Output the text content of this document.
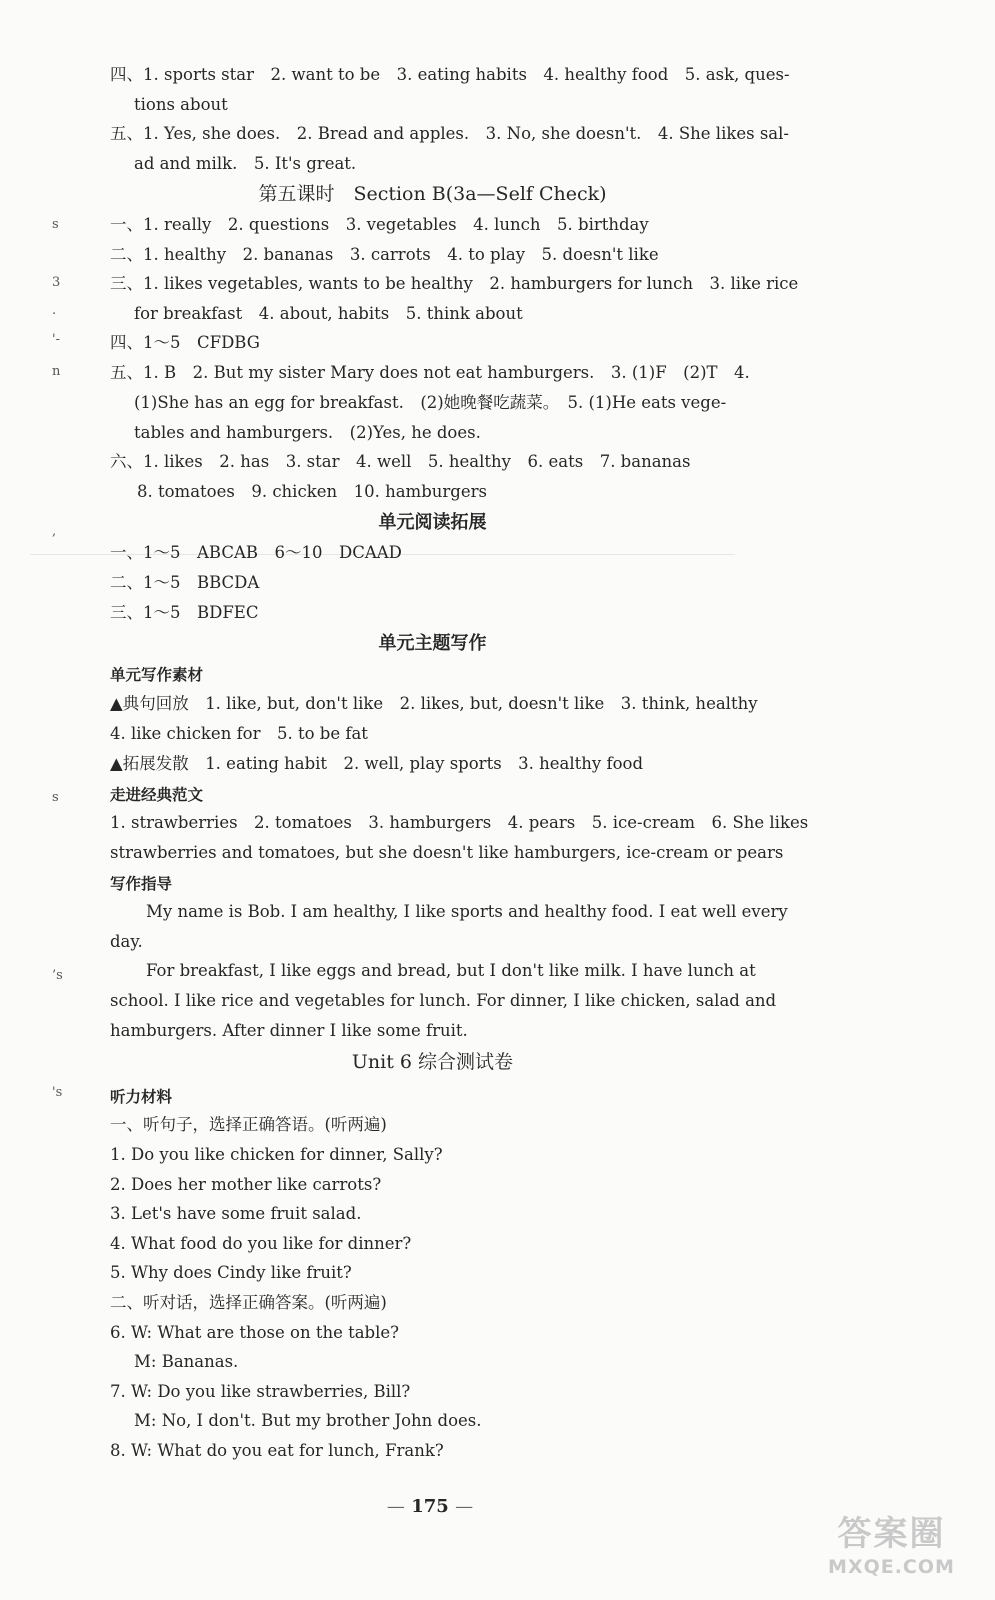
s
3
.
'-
n
,
s
’s
's
四、1. sports star　2. want to be　3. eating habits　4. healthy food　5. ask, ques-
tions about
五、1. Yes, she does.　2. Bread and apples.　3. No, she doesn't.　4. She likes sal-
ad and milk.　5. It's great.
第五课时　Section B(3a—Self Check)
一、1. really　2. questions　3. vegetables　4. lunch　5. birthday
二、1. healthy　2. bananas　3. carrots　4. to play　5. doesn't like
三、1. likes vegetables, wants to be healthy　2. hamburgers for lunch　3. like rice
for breakfast　4. about, habits　5. think about
四、1～5　CFDBG
五、1. B　2. But my sister Mary does not eat hamburgers.　3. (1)F　(2)T　4.
(1)She has an egg for breakfast.　(2)她晚餐吃蔬菜。　5. (1)He eats vege-
tables and hamburgers.　(2)Yes, he does.
六、1. likes　2. has　3. star　4. well　5. healthy　6. eats　7. bananas
8. tomatoes　9. chicken　10. hamburgers
单元阅读拓展
一、1～5　ABCAB　6～10　DCAAD
二、1～5　BBCDA
三、1～5　BDFEC
单元主题写作
单元写作素材
▲典句回放　1. like, but, don't like　2. likes, but, doesn't like　3. think, healthy
4. like chicken for　5. to be fat
▲拓展发散　1. eating habit　2. well, play sports　3. healthy food
走进经典范文
1. strawberries　2. tomatoes　3. hamburgers　4. pears　5. ice-cream　6. She likes
strawberries and tomatoes, but she doesn't like hamburgers, ice-cream or pears
写作指导
My name is Bob. I am healthy, I like sports and healthy food. I eat well every
day.
For breakfast, I like eggs and bread, but I don't like milk. I have lunch at
school. I like rice and vegetables for lunch. For dinner, I like chicken, salad and
hamburgers. After dinner I like some fruit.
Unit 6 综合测试卷
听力材料
一、听句子，选择正确答语。(听两遍)
1. Do you like chicken for dinner, Sally?
2. Does her mother like carrots?
3. Let's have some fruit salad.
4. What food do you like for dinner?
5. Why does Cindy like fruit?
二、听对话，选择正确答案。(听两遍)
6. W: What are those on the table?
M: Bananas.
7. W: Do you like strawberries, Bill?
M: No, I don't. But my brother John does.
8. W: What do you eat for lunch, Frank?
— 175 —
答案圈
MXQE.COM
